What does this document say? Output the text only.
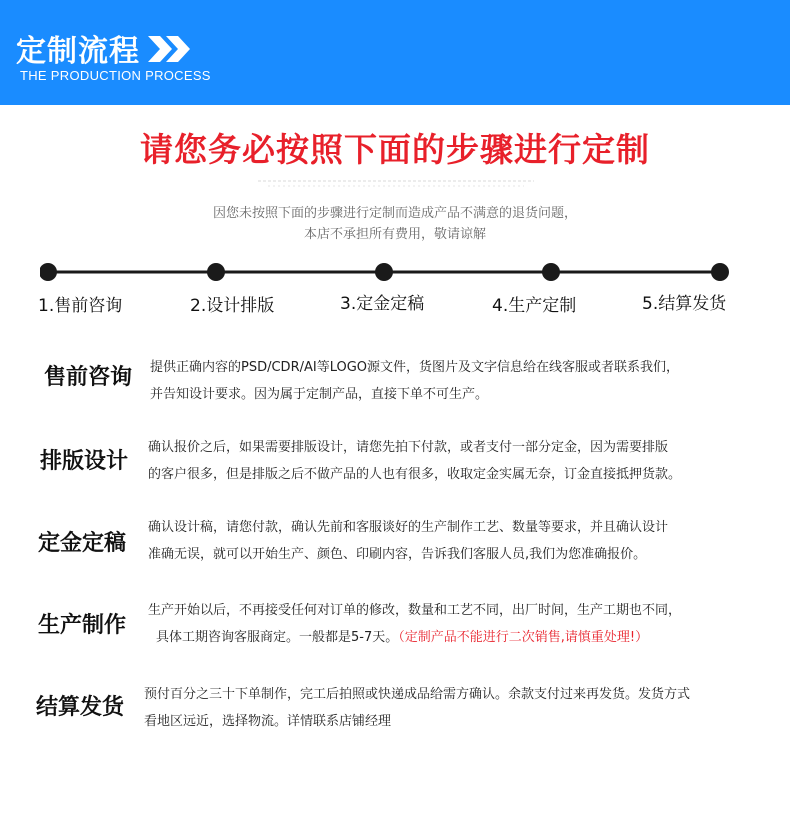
定制流程
THE PRODUCTION PROCESS
请您务必按照下面的步骤进行定制
因您未按照下面的步骤进行定制而造成产品不满意的退货问题，
本店不承担所有费用，敬请谅解
1.售前咨询	2.设计排版	3.定金定稿	4.生产定制	5.结算发货
售前咨询 提供正确内容的PSD/CDR/AI等LOGO源文件，货图片及文字信息给在线客服或者联系我们，
并告知设计要求。因为属于定制产品，直接下单不可生产。
排版设计
确认报价之后，如果需要排版设计，请您先拍下付款，或者支付一部分定金，因为需要排版
的客户很多，但是排版之后不做产品的人也有很多，收取定金实属无奈，订金直接抵押货款。
定金定稿
确认设计稿，请您付款，确认先前和客服谈好的生产制作工艺、数量等要求，并且确认设计
准确无误，就可以开始生产、颜色、印刷内容，告诉我们客服人员,我们为您准确报价。
生产制作
生产开始以后，不再接受任何对订单的修改，数量和工艺不同，出厂时间，生产工期也不同，
具体工期咨询客服商定。一般都是5-7天。（定制产品不能进行二次销售,请慎重处理!）
结算发货
预付百分之三十下单制作，完工后拍照或快递成品给需方确认。余款支付过来再发货。发货方式
看地区远近，选择物流。详情联系店铺经理
